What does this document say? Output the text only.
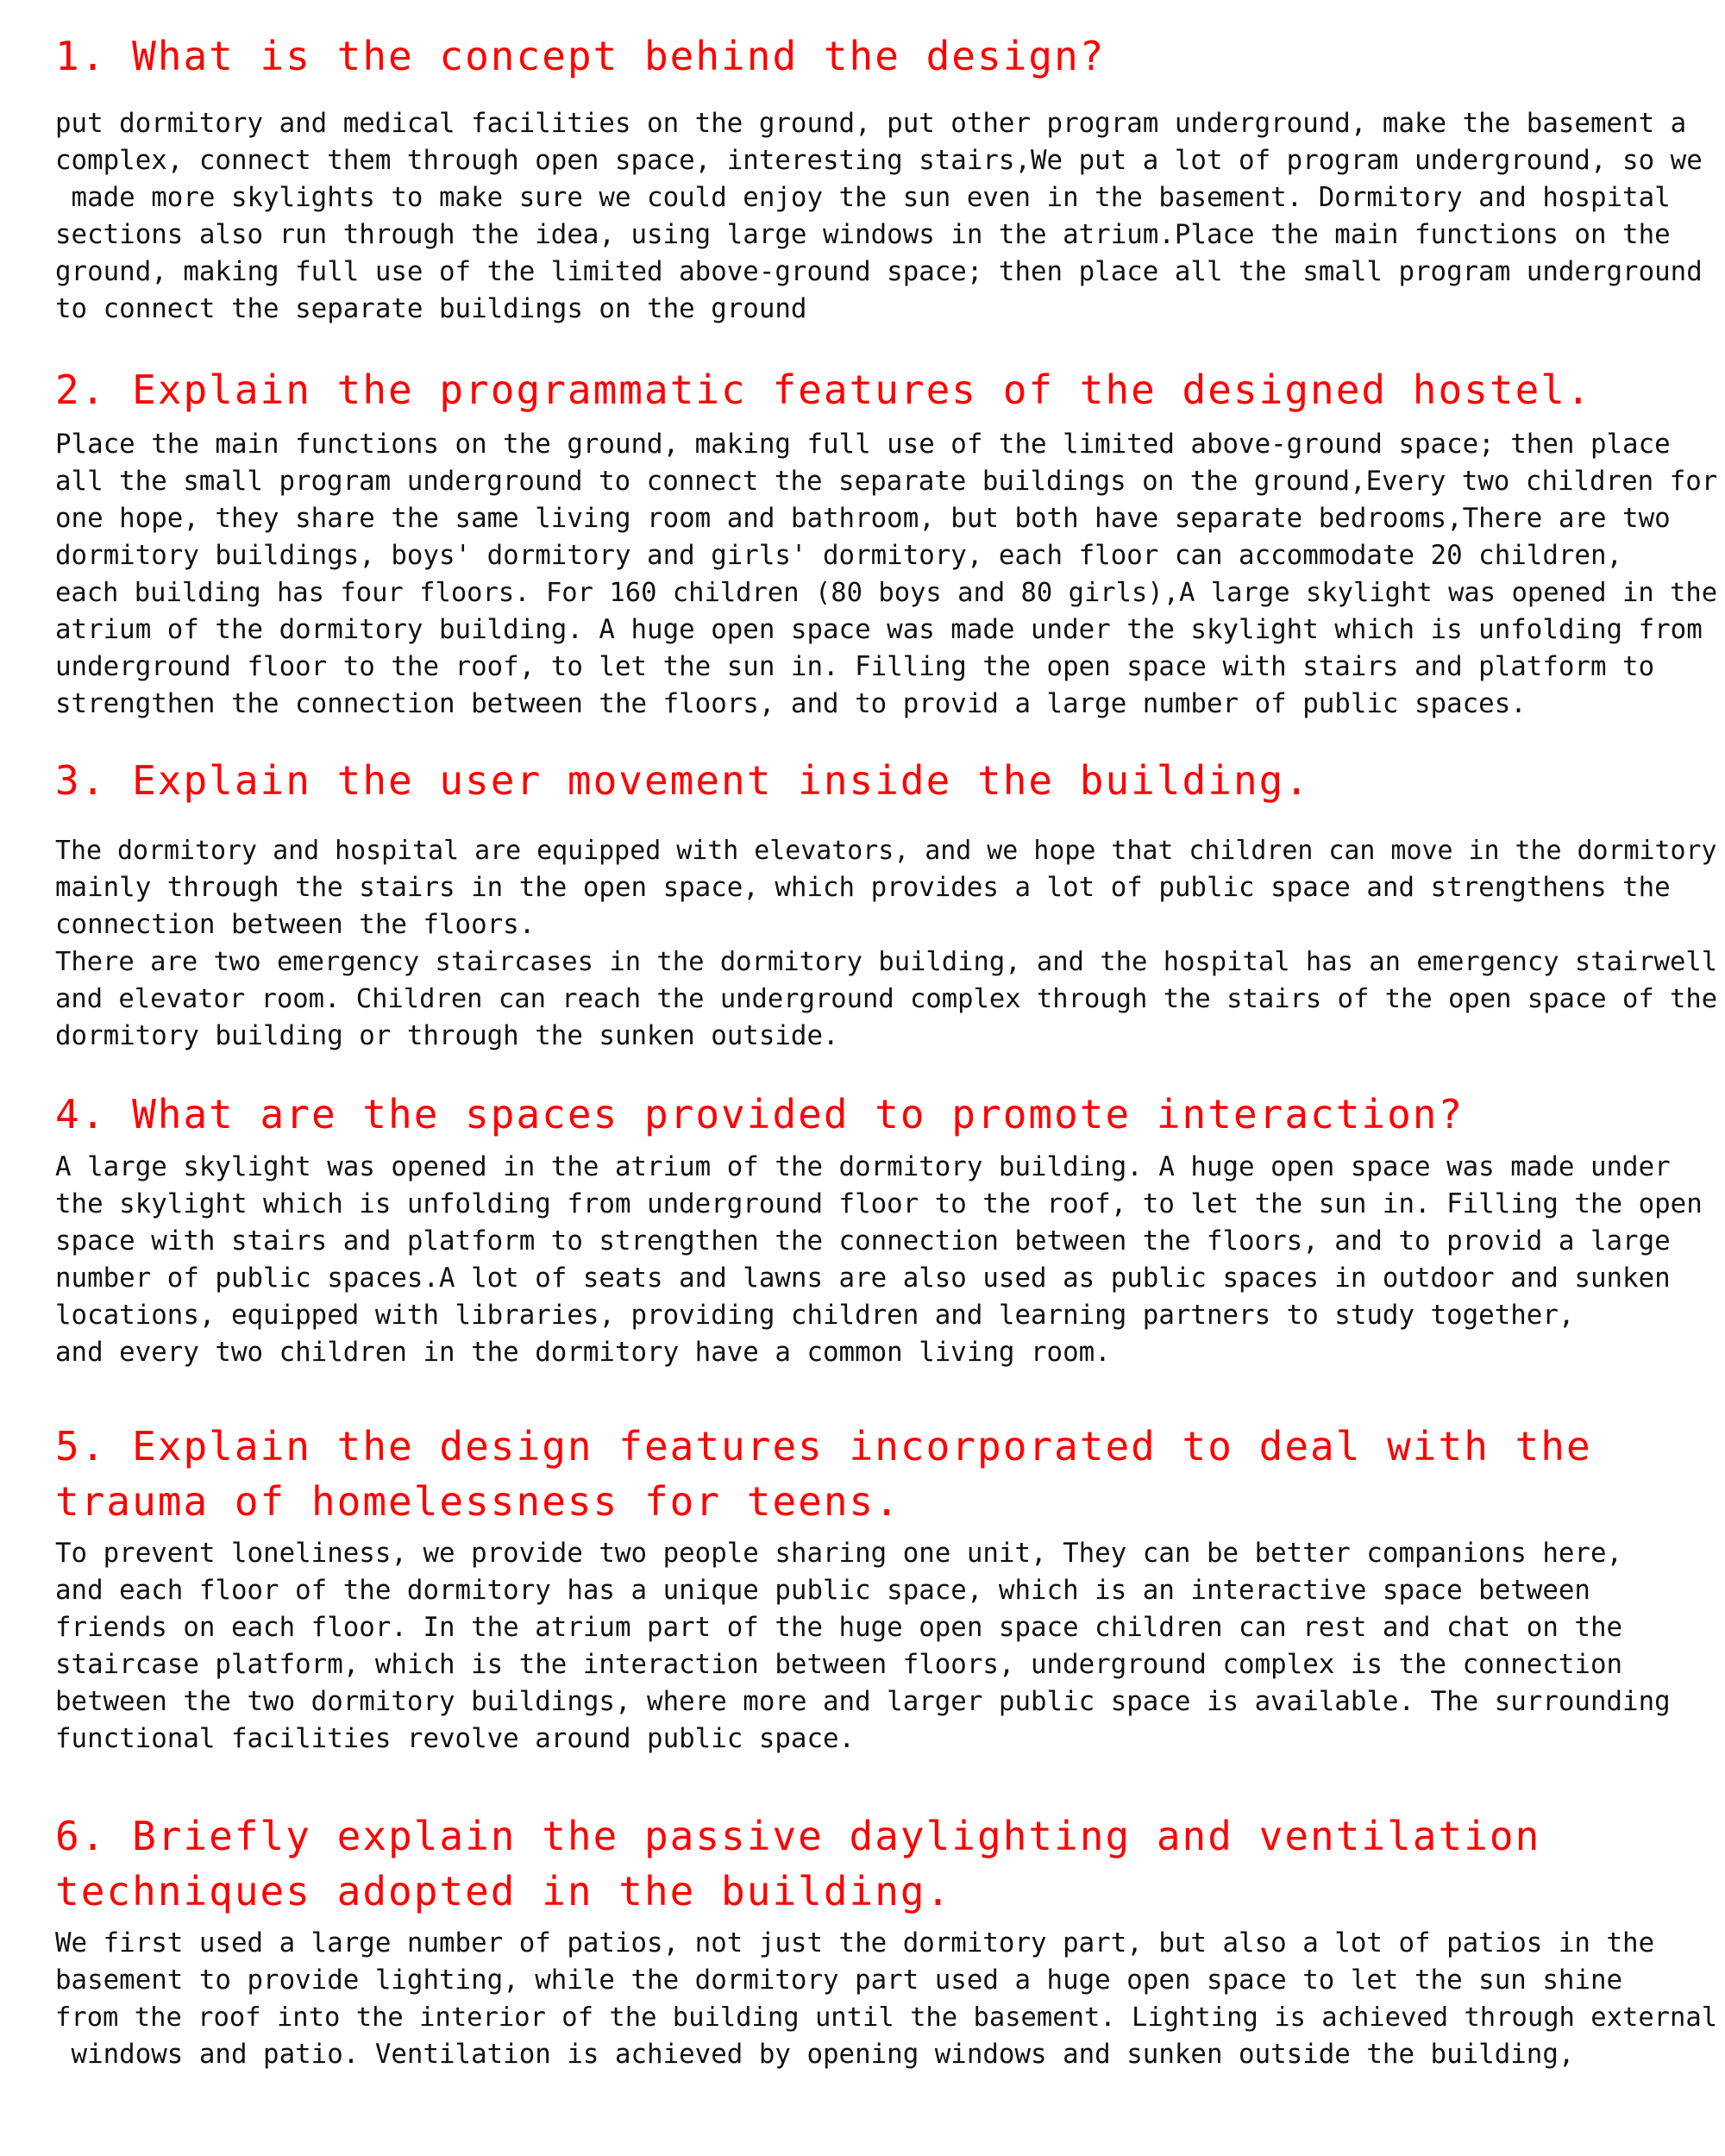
1. What is the concept behind the design?
put dormitory and medical facilities on the ground, put other program underground, make the basement a
complex, connect them through open space, interesting stairs,We put a lot of program underground, so we
made more skylights to make sure we could enjoy the sun even in the basement. Dormitory and hospital
sections also run through the idea, using large windows in the atrium.Place the main functions on the
ground, making full use of the limited above-ground space; then place all the small program underground
to connect the separate buildings on the ground
2. Explain the programmatic features of the designed hostel.
Place the main functions on the ground, making full use of the limited above-ground space; then place
all the small program underground to connect the separate buildings on the ground,Every two children for
one hope, they share the same living room and bathroom, but both have separate bedrooms,There are two
dormitory buildings, boys' dormitory and girls' dormitory, each floor can accommodate 20 children,
each building has four floors. For 160 children (80 boys and 80 girls),A large skylight was opened in the
atrium of the dormitory building. A huge open space was made under the skylight which is unfolding from
underground floor to the roof, to let the sun in. Filling the open space with stairs and platform to
strengthen the connection between the floors, and to provid a large number of public spaces.
3. Explain the user movement inside the building.
The dormitory and hospital are equipped with elevators, and we hope that children can move in the dormitory
mainly through the stairs in the open space, which provides a lot of public space and strengthens the
connection between the floors.
There are two emergency staircases in the dormitory building, and the hospital has an emergency stairwell
and elevator room. Children can reach the underground complex through the stairs of the open space of the
dormitory building or through the sunken outside.
4. What are the spaces provided to promote interaction?
A large skylight was opened in the atrium of the dormitory building. A huge open space was made under
the skylight which is unfolding from underground floor to the roof, to let the sun in. Filling the open
space with stairs and platform to strengthen the connection between the floors, and to provid a large
number of public spaces.A lot of seats and lawns are also used as public spaces in outdoor and sunken
locations, equipped with libraries, providing children and learning partners to study together,
and every two children in the dormitory have a common living room.
5. Explain the design features incorporated to deal with the
trauma of homelessness for teens.
To prevent loneliness, we provide two people sharing one unit, They can be better companions here,
and each floor of the dormitory has a unique public space, which is an interactive space between
friends on each floor. In the atrium part of the huge open space children can rest and chat on the
staircase platform, which is the interaction between floors, underground complex is the connection
between the two dormitory buildings, where more and larger public space is available. The surrounding
functional facilities revolve around public space.
6. Briefly explain the passive daylighting and ventilation
techniques adopted in the building.
We first used a large number of patios, not just the dormitory part, but also a lot of patios in the
basement to provide lighting, while the dormitory part used a huge open space to let the sun shine
from the roof into the interior of the building until the basement. Lighting is achieved through external
windows and patio. Ventilation is achieved by opening windows and sunken outside the building,
